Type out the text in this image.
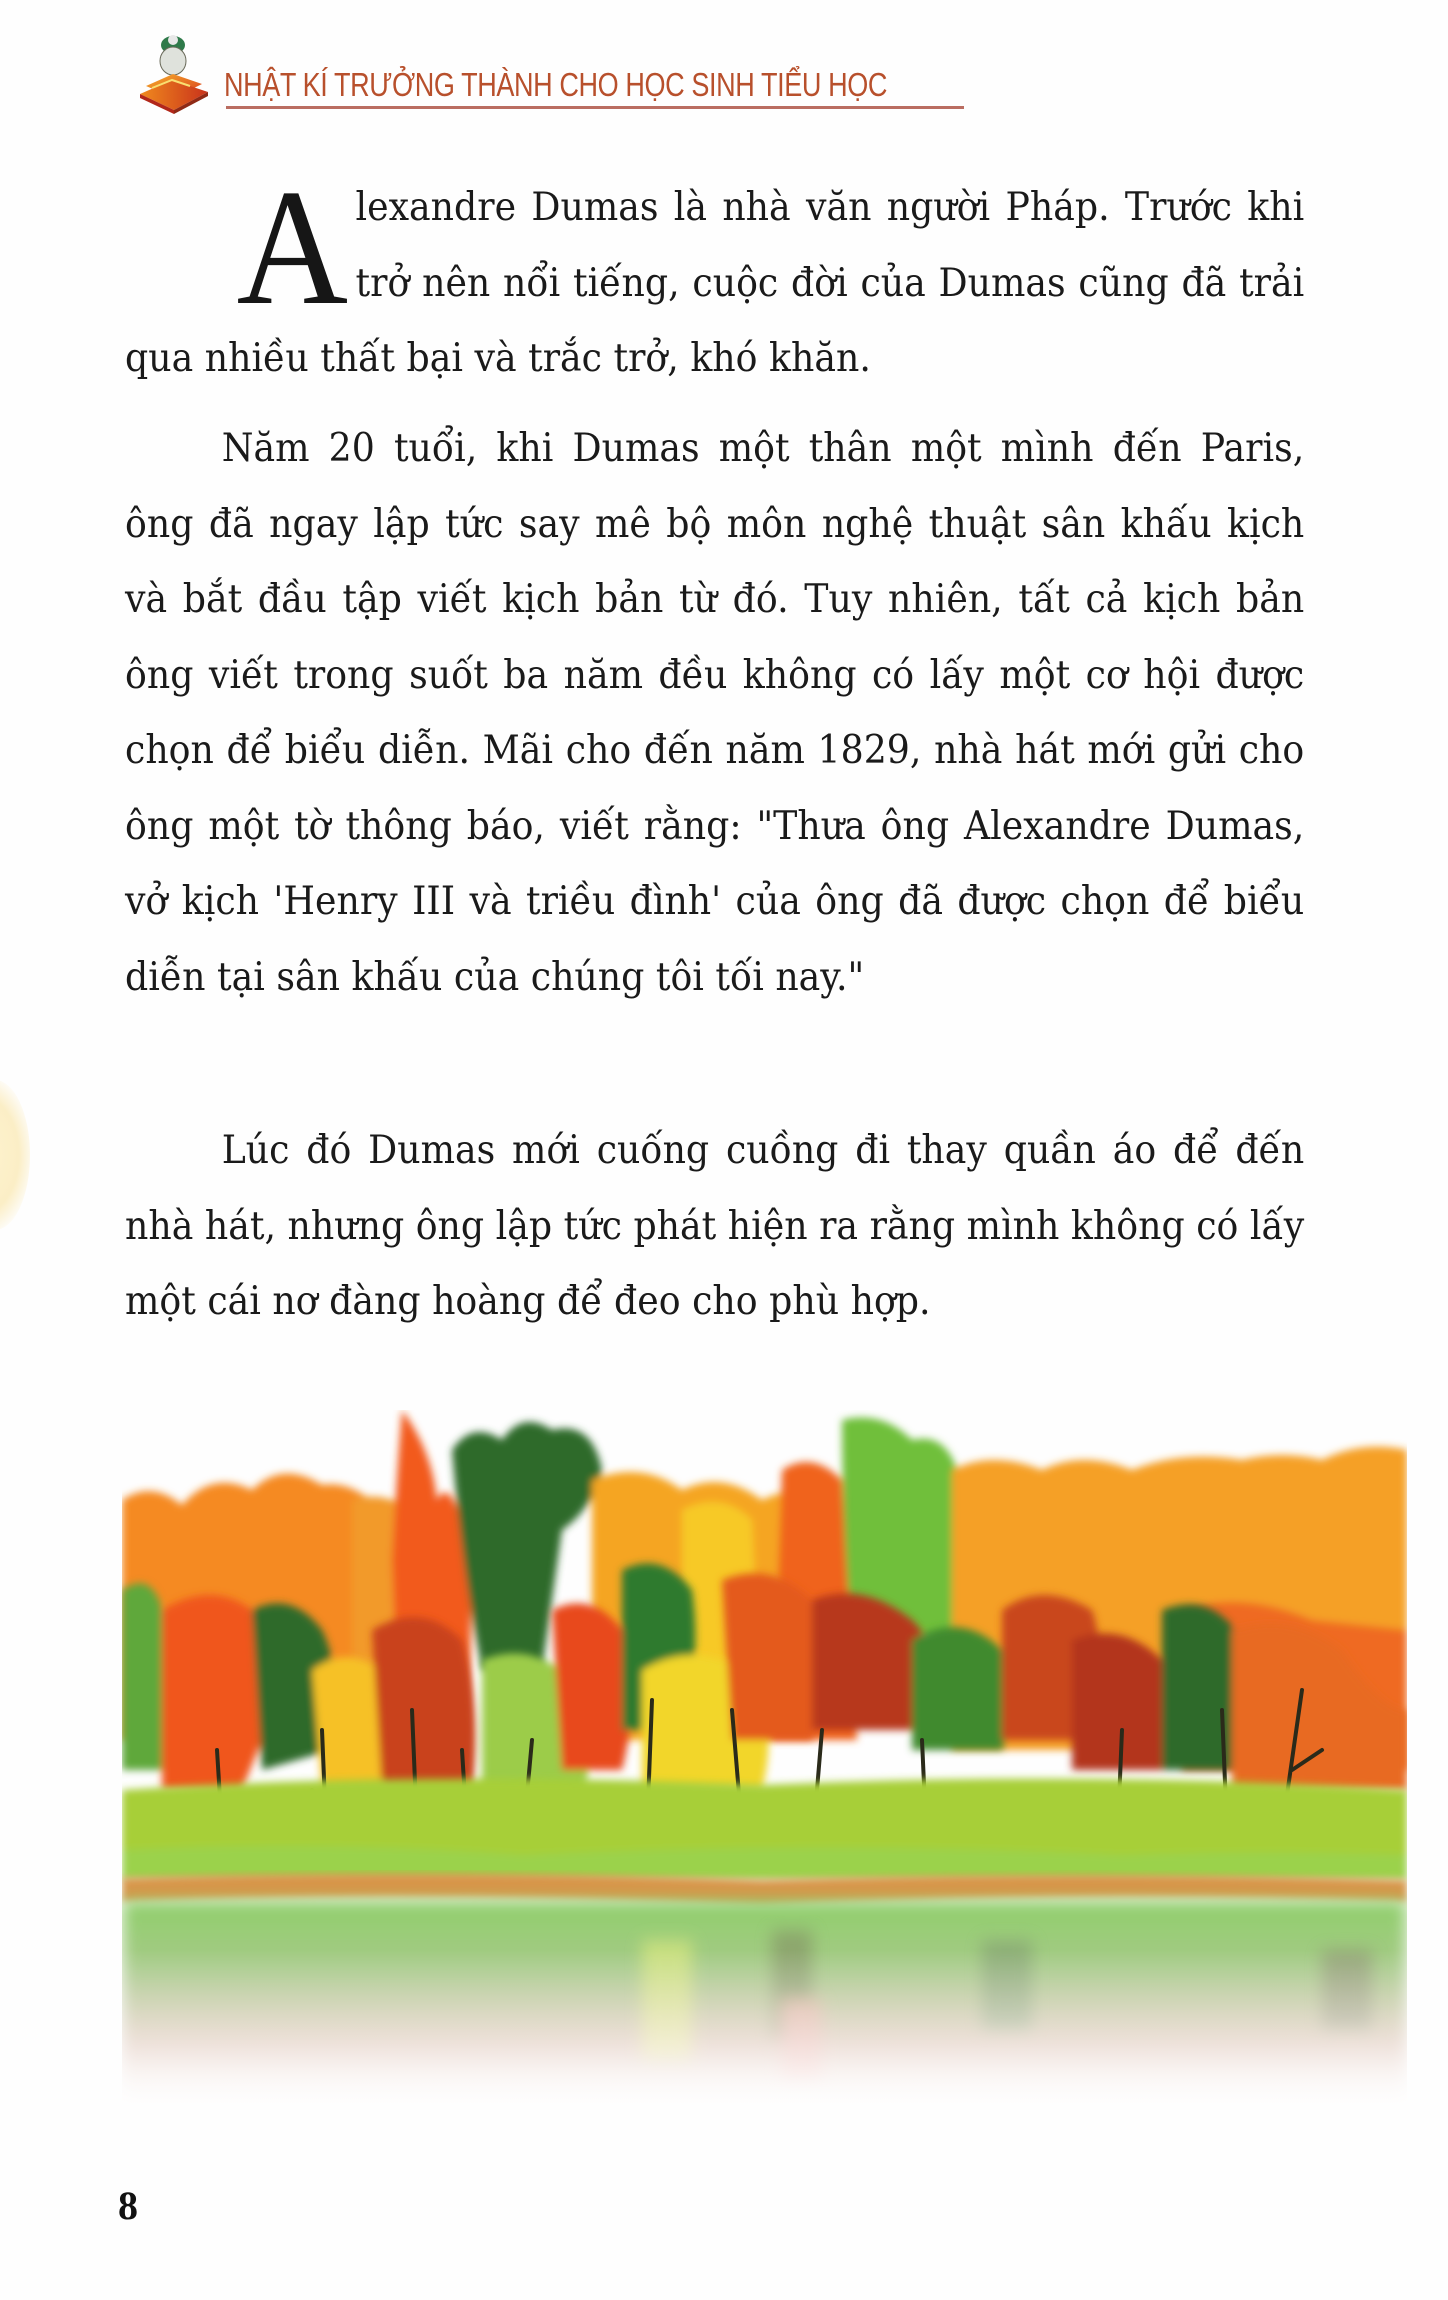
NHẬT KÍ TRƯỞNG THÀNH CHO HỌC SINH TIỂU HỌC

Alexandre Dumas là nhà văn người Pháp. Trước khi trở nên nổi tiếng, cuộc đời của Dumas cũng đã trải qua nhiều thất bại và trắc trở, khó khăn.

Năm 20 tuổi, khi Dumas một thân một mình đến Paris, ông đã ngay lập tức say mê bộ môn nghệ thuật sân khấu kịch và bắt đầu tập viết kịch bản từ đó. Tuy nhiên, tất cả kịch bản ông viết trong suốt ba năm đều không có lấy một cơ hội được chọn để biểu diễn. Mãi cho đến năm 1829, nhà hát mới gửi cho ông một tờ thông báo, viết rằng: "Thưa ông Alexandre Dumas, vở kịch 'Henry III và triều đình' của ông đã được chọn để biểu diễn tại sân khấu của chúng tôi tối nay."

Lúc đó Dumas mới cuống cuồng đi thay quần áo để đến nhà hát, nhưng ông lập tức phát hiện ra rằng mình không có lấy một cái nơ đàng hoàng để đeo cho phù hợp.

8
